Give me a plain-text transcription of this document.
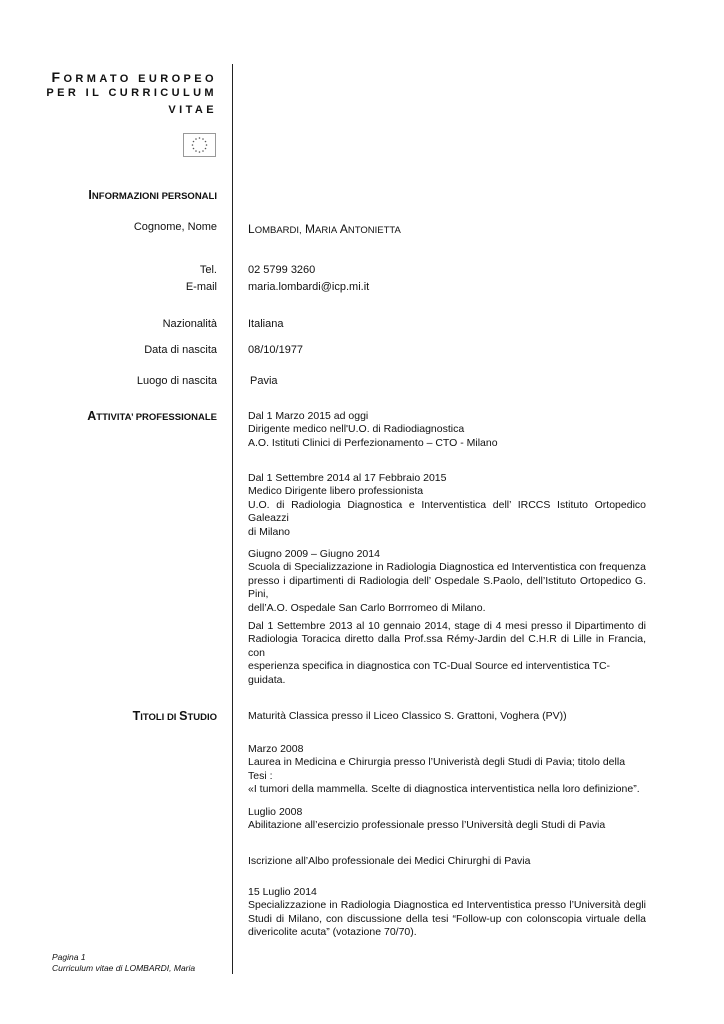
FORMATO EUROPEO
PER IL CURRICULUM
VITAE
INFORMAZIONI PERSONALI
Cognome, Nome	LOMBARDI, MARIA ANTONIETTA
Tel.	02 5799 3260
E-mail	maria.lombardi@icp.mi.it
Nazionalità	Italiana
Data di nascita	08/10/1977
Luogo di nascita	Pavia
ATTIVITA’ PROFESSIONALE	Dal 1 Marzo 2015 ad oggi
Dirigente medico nell'U.O. di Radiodiagnostica
A.O. Istituti Clinici di Perfezionamento – CTO - Milano
Dal 1 Settembre 2014 al 17 Febbraio 2015
Medico Dirigente libero professionista
U.O. di Radiologia Diagnostica e Interventistica dell’ IRCCS Istituto Ortopedico Galeazzi
di Milano
Giugno 2009 – Giugno 2014
Scuola di Specializzazione in Radiologia Diagnostica ed Interventistica con frequenza
presso i dipartimenti di Radiologia dell’ Ospedale S.Paolo, dell’Istituto Ortopedico G. Pini,
dell’A.O. Ospedale San Carlo Borrromeo di Milano.
Dal 1 Settembre 2013 al 10 gennaio 2014, stage di 4 mesi presso il Dipartimento di
Radiologia Toracica diretto dalla Prof.ssa Rémy-Jardin del C.H.R di Lille in Francia, con
esperienza specifica in diagnostica con TC-Dual Source ed interventistica TC-guidata.
TITOLI DI STUDIO	Maturità Classica presso il Liceo Classico S. Grattoni, Voghera (PV))
Marzo 2008
Laurea in Medicina e Chirurgia presso l’Univeristà degli Studi di Pavia; titolo della Tesi :
«I tumori della mammella. Scelte di diagnostica interventistica nella loro definizione”.
Luglio 2008
Abilitazione all’esercizio professionale presso l’Università degli Studi di Pavia
Iscrizione all’Albo professionale dei Medici Chirurghi di Pavia
15 Luglio 2014
Specializzazione in Radiologia Diagnostica ed Interventistica presso l’Università degli
Studi di Milano, con discussione della tesi “Follow-up con colonscopia virtuale della
divericolite acuta” (votazione 70/70).
Pagina 1
Curriculum vitae di LOMBARDI, Maria
